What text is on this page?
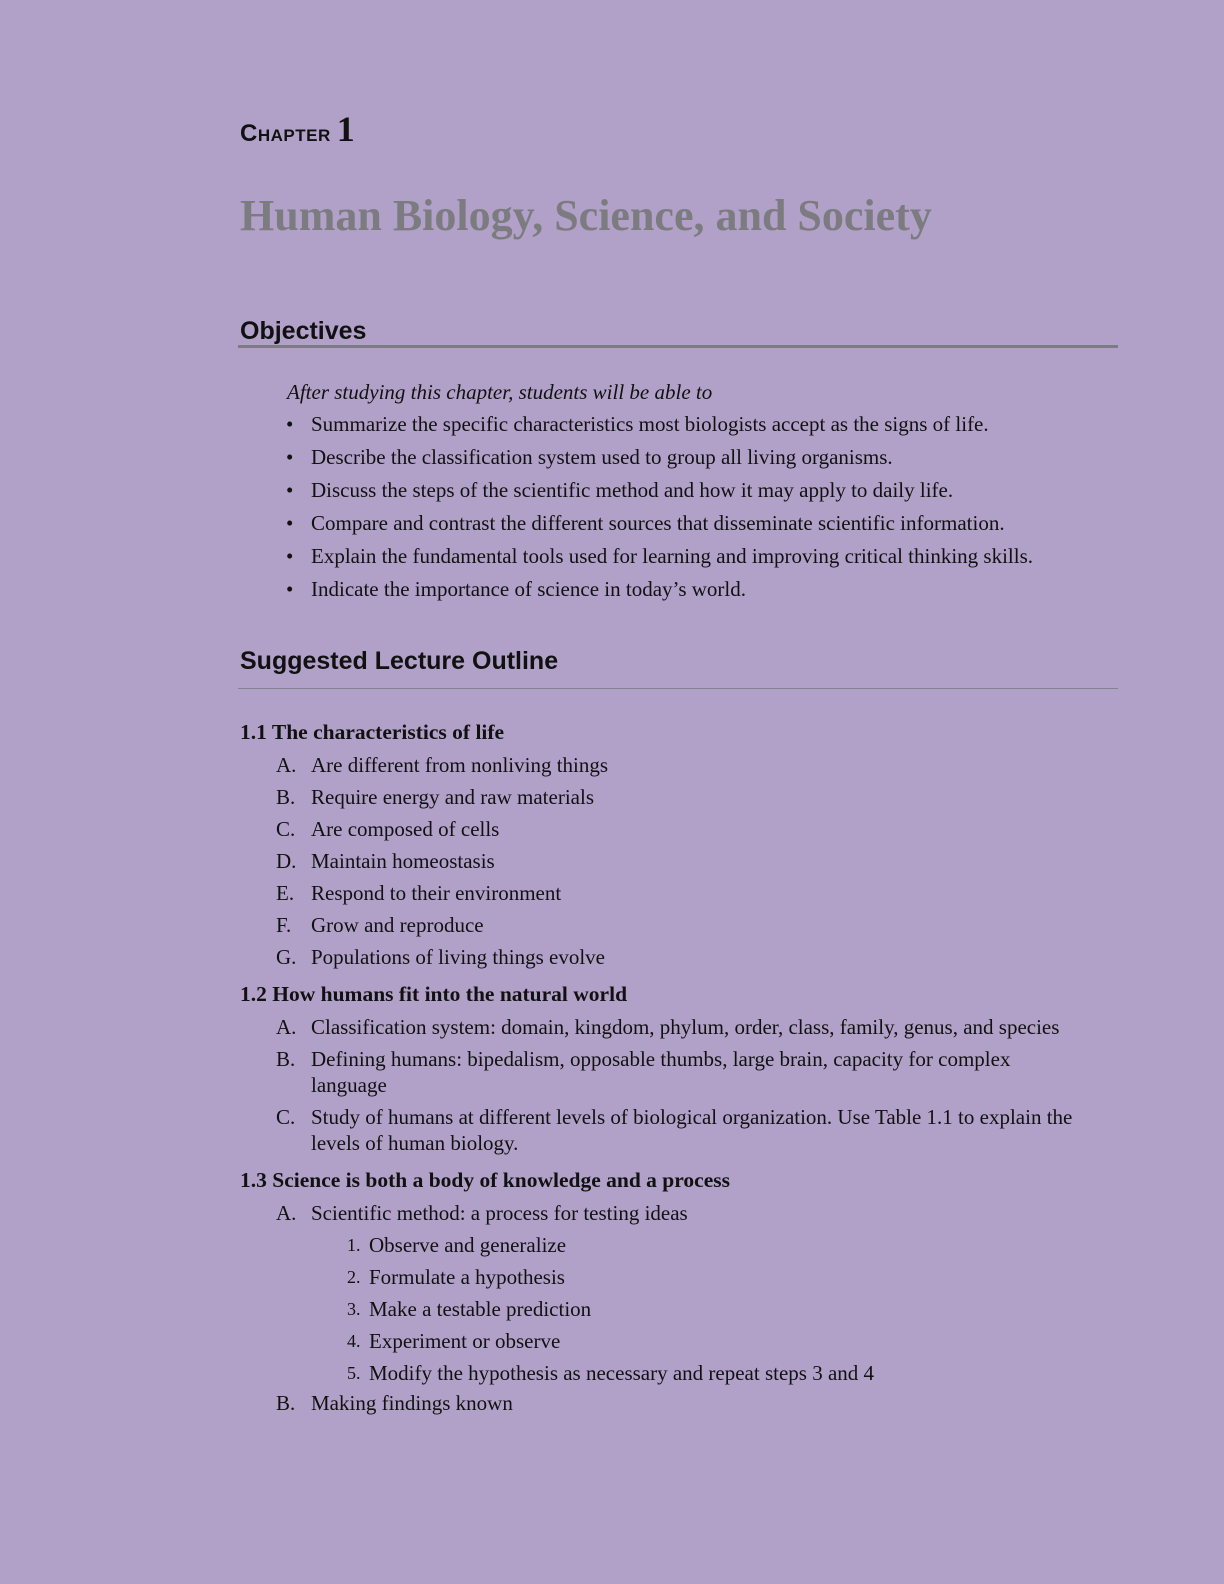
Chapter 1
Human Biology, Science, and Society
Objectives
After studying this chapter, students will be able to
• Summarize the specific characteristics most biologists accept as the signs of life.
• Describe the classification system used to group all living organisms.
• Discuss the steps of the scientific method and how it may apply to daily life.
• Compare and contrast the different sources that disseminate scientific information.
• Explain the fundamental tools used for learning and improving critical thinking skills.
• Indicate the importance of science in today’s world.
Suggested Lecture Outline
1.1 The characteristics of life
A. Are different from nonliving things
B. Require energy and raw materials
C. Are composed of cells
D. Maintain homeostasis
E. Respond to their environment
F. Grow and reproduce
G. Populations of living things evolve
1.2 How humans fit into the natural world
A. Classification system: domain, kingdom, phylum, order, class, family, genus, and species
B. Defining humans: bipedalism, opposable thumbs, large brain, capacity for complex language
C. Study of humans at different levels of biological organization. Use Table 1.1 to explain the levels of human biology.
1.3 Science is both a body of knowledge and a process
A. Scientific method: a process for testing ideas
1. Observe and generalize
2. Formulate a hypothesis
3. Make a testable prediction
4. Experiment or observe
5. Modify the hypothesis as necessary and repeat steps 3 and 4
B. Making findings known
